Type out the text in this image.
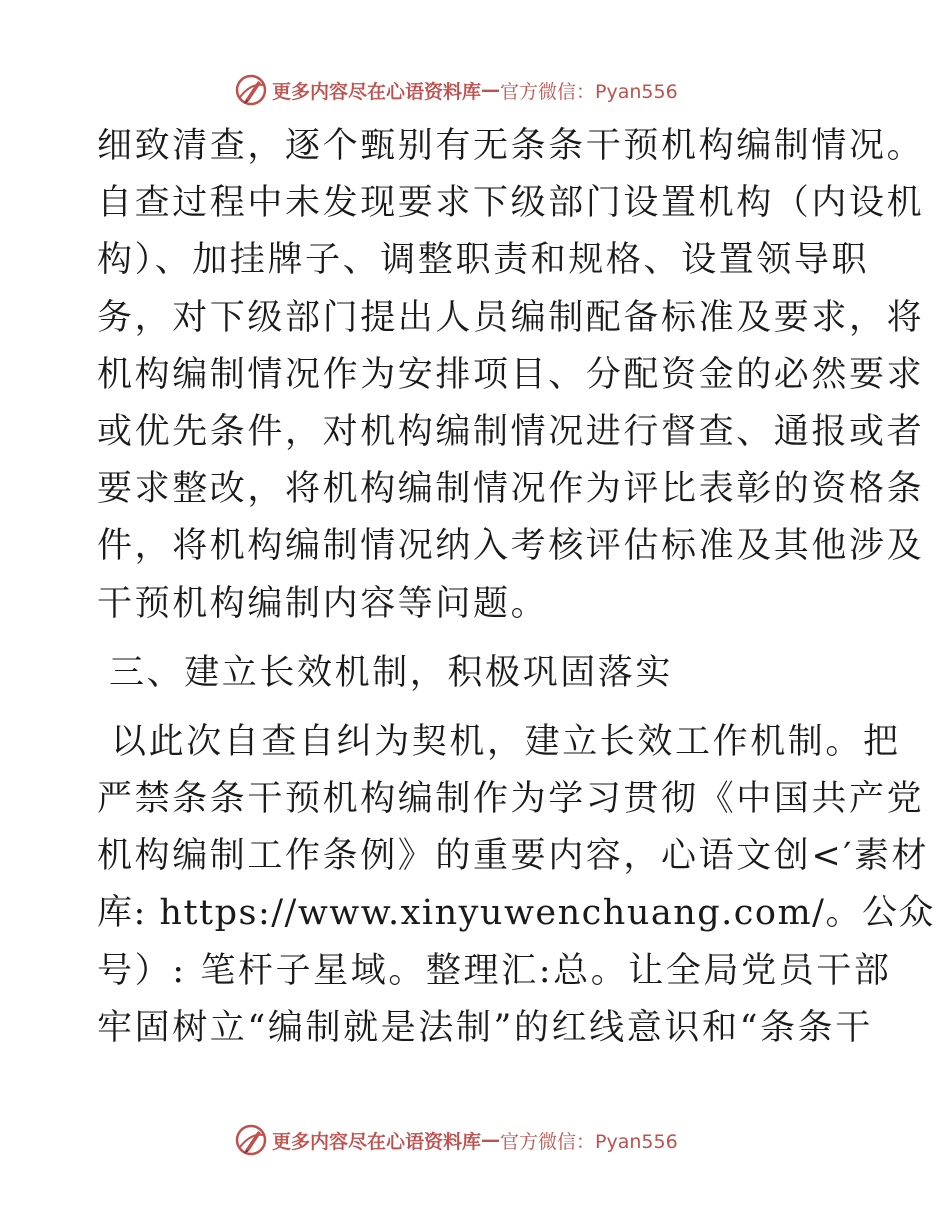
更多内容尽在心语资料库 — 官方微信：Pyan556
细致清查，逐个甄别有无条条干预机构编制情况。
自查过程中未发现要求下级部门设置机构（内设机
构）、加挂牌子、调整职责和规格、设置领导职
务，对下级部门提出人员编制配备标准及要求，将
机构编制情况作为安排项目、分配资金的必然要求
或优先条件，对机构编制情况进行督查、通报或者
要求整改，将机构编制情况作为评比表彰的资格条
件，将机构编制情况纳入考核评估标准及其他涉及
干预机构编制内容等问题。
三、建立长效机制，积极巩固落实
以此次自查自纠为契机，建立长效工作机制。把
严禁条条干预机构编制作为学习贯彻《中国共产党
机构编制工作条例》的重要内容，心语文创<′素材
库: https://www.xinyuwenchuang.com/。公众
号）: 笔杆子星域。整理汇:总。让全局党员干部
牢固树立“编制就是法制”的红线意识和“条条干
更多内容尽在心语资料库 — 官方微信：Pyan556
